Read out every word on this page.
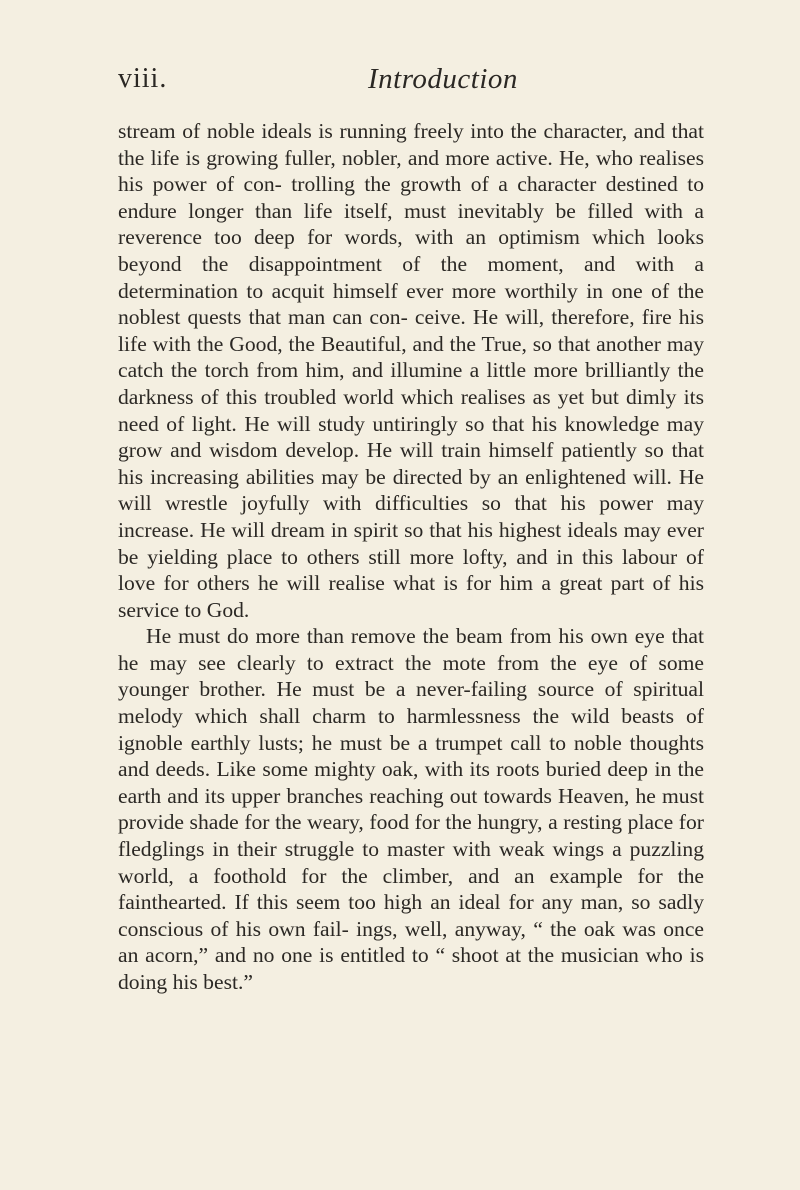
viii.	Introduction

stream of noble ideals is running freely into the character, and that the life is growing fuller, nobler, and more active. He, who realises his power of con- trolling the growth of a character destined to endure longer than life itself, must inevitably be filled with a reverence too deep for words, with an optimism which looks beyond the disappointment of the moment, and with a determination to acquit himself ever more worthily in one of the noblest quests that man can con- ceive. He will, therefore, fire his life with the Good, the Beautiful, and the True, so that another may catch the torch from him, and illumine a little more brilliantly the darkness of this troubled world which realises as yet but dimly its need of light. He will study untiringly so that his knowledge may grow and wisdom develop. He will train himself patiently so that his increasing abilities may be directed by an enlightened will. He will wrestle joyfully with difficulties so that his power may increase. He will dream in spirit so that his highest ideals may ever be yielding place to others still more lofty, and in this labour of love for others he will realise what is for him a great part of his service to God.

He must do more than remove the beam from his own eye that he may see clearly to extract the mote from the eye of some younger brother. He must be a never-failing source of spiritual melody which shall charm to harmlessness the wild beasts of ignoble earthly lusts; he must be a trumpet call to noble thoughts and deeds. Like some mighty oak, with its roots buried deep in the earth and its upper branches reaching out towards Heaven, he must provide shade for the weary, food for the hungry, a resting place for fledglings in their struggle to master with weak wings a puzzling world, a foothold for the climber, and an example for the fainthearted. If this seem too high an ideal for any man, so sadly conscious of his own fail- ings, well, anyway, “ the oak was once an acorn,” and no one is entitled to “ shoot at the musician who is doing his best.”
